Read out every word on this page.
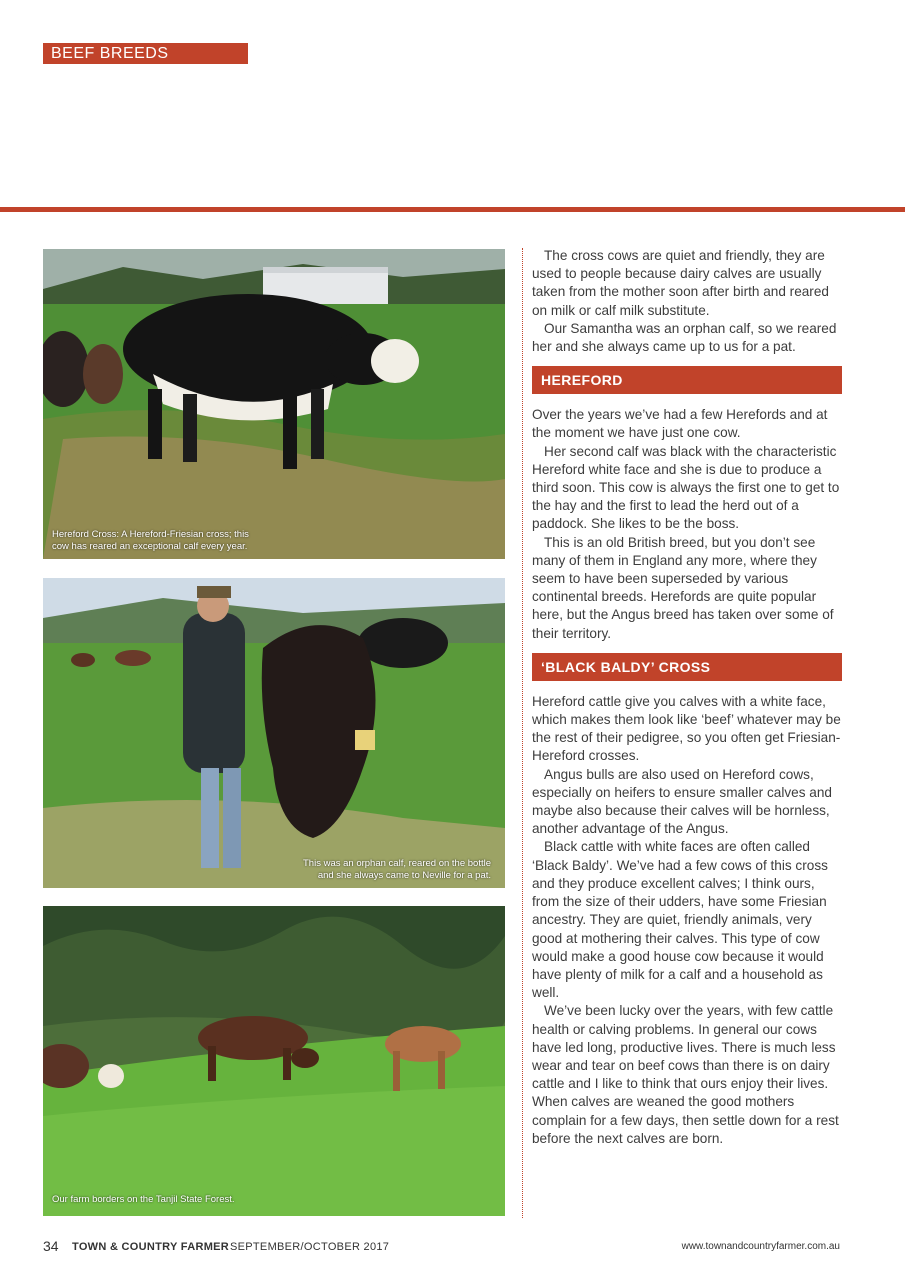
BEEF BREEDS
Hereford Cross: A Hereford-Friesian cross; this
cow has reared an exceptional calf every year.
This was an orphan calf, reared on the bottle
and she always came to Neville for a pat.
Our farm borders on the Tanjil State Forest.

The cross cows are quiet and friendly, they are used to people because dairy calves are usually taken from the mother soon after birth and reared on milk or calf milk substitute.

Our Samantha was an orphan calf, so we reared her and she always came up to us for a pat.

HEREFORD

Over the years we’ve had a few Herefords and at the moment we have just one cow.

Her second calf was black with the characteristic Hereford white face and she is due to produce a third soon. This cow is always the first one to get to the hay and the first to lead the herd out of a paddock. She likes to be the boss.

This is an old British breed, but you don’t see many of them in England any more, where they seem to have been superseded by various continental breeds. Herefords are quite popular here, but the Angus breed has taken over some of their territory.

‘BLACK BALDY’ CROSS

Hereford cattle give you calves with a white face, which makes them look like ‘beef’ whatever may be the rest of their pedigree, so you often get Friesian-Hereford crosses.

Angus bulls are also used on Hereford cows, especially on heifers to ensure smaller calves and maybe also because their calves will be hornless, another advantage of the Angus.

Black cattle with white faces are often called ‘Black Baldy’. We’ve had a few cows of this cross and they produce excellent calves; I think ours, from the size of their udders, have some Friesian ancestry. They are quiet, friendly animals, very good at mothering their calves. This type of cow would make a good house cow because it would have plenty of milk for a calf and a household as well.

We’ve been lucky over the years, with few cattle health or calving problems. In general our cows have led long, productive lives. There is much less wear and tear on beef cows than there is on dairy cattle and I like to think that ours enjoy their lives. When calves are weaned the good mothers complain for a few days, then settle down for a rest before the next calves are born.

34 TOWN & COUNTRY FARMER SEPTEMBER/OCTOBER 2017	www.townandcountryfarmer.com.au
